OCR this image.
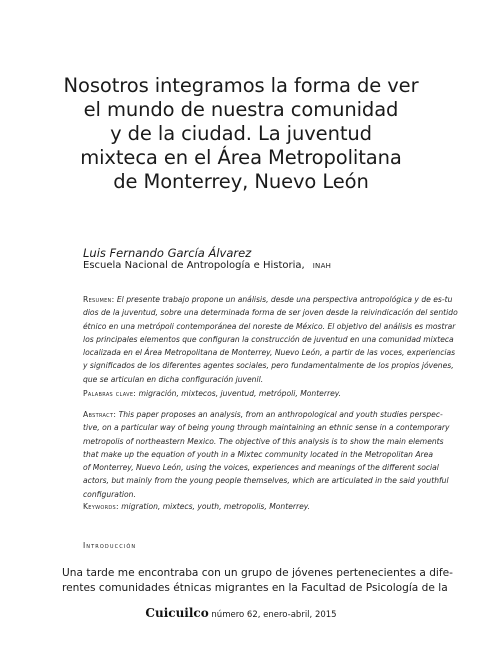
Nosotros integramos la forma de ver
el mundo de nuestra comunidad
y de la ciudad. La juventud
mixteca en el Área Metropolitana
de Monterrey, Nuevo León
Luis Fernando García Álvarez
Escuela Nacional de Antropología e Historia, INAH
Resumen: El presente trabajo propone un análisis, desde una perspectiva antropológica y de es-tu
dios de la juventud, sobre una determinada forma de ser joven desde la reivindicación del sentido
étnico en una metrópoli contemporánea del noreste de México. El objetivo del análisis es mostrar
los principales elementos que configuran la construcción de juventud en una comunidad mixteca
localizada en el Área Metropolitana de Monterrey, Nuevo León, a partir de las voces, experiencias
y significados de los diferentes agentes sociales, pero fundamentalmente de los propios jóvenes,
que se articulan en dicha configuración juvenil.
Palabras clave: migración, mixtecos, juventud, metrópoli, Monterrey.
Abstract: This paper proposes an analysis, from an anthropological and youth studies perspec-
tive, on a particular way of being young through maintaining an ethnic sense in a contemporary
metropolis of northeastern Mexico. The objective of this analysis is to show the main elements
that make up the equation of youth in a Mixtec community located in the Metropolitan Area
of Monterrey, Nuevo León, using the voices, experiences and meanings of the different social
actors, but mainly from the young people themselves, which are articulated in the said youthful
configuration.
Keywords: migration, mixtecs, youth, metropolis, Monterrey.
Introducción
Una tarde me encontraba con un grupo de jóvenes pertenecientes a dife-
rentes comunidades étnicas migrantes en la Facultad de Psicología de la
Cuicuilco número 62, enero-abril, 2015
